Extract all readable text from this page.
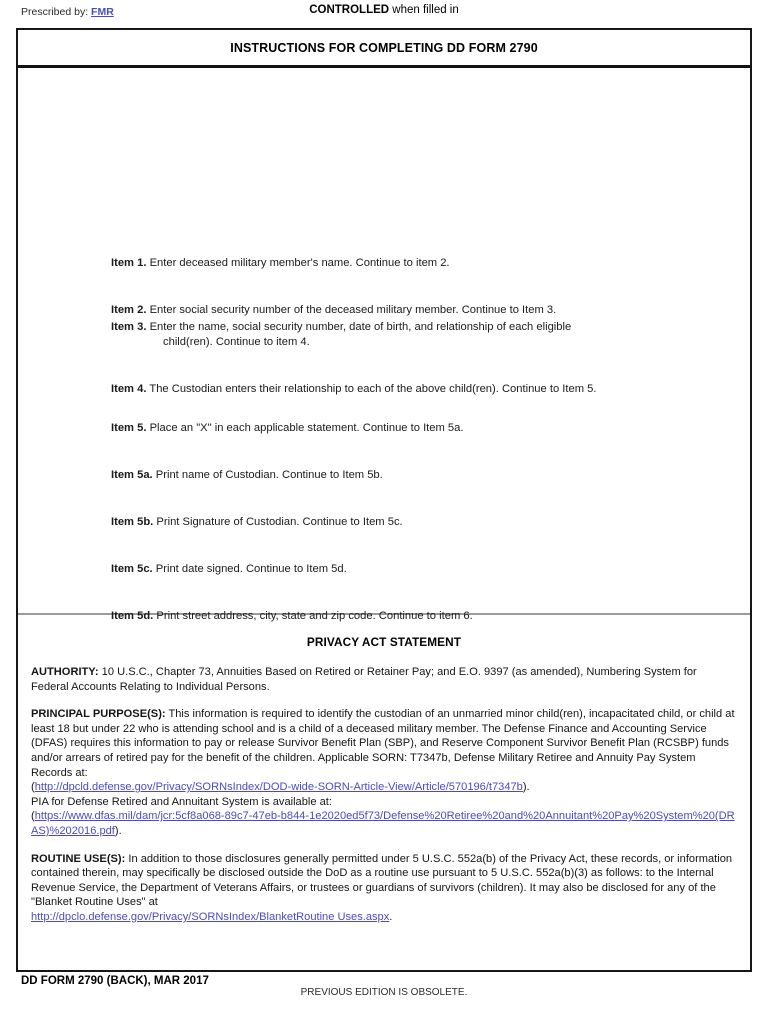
Prescribed by: FMR	CONTROLLED when filled in
INSTRUCTIONS FOR COMPLETING DD FORM 2790
Item 1. Enter deceased military member's name. Continue to item 2.
Item 2. Enter social security number of the deceased military member. Continue to Item 3.
Item 3. Enter the name, social security number, date of birth, and relationship of each eligible
child(ren). Continue to item 4.
Item 4. The Custodian enters their relationship to each of the above child(ren). Continue to Item 5.
Item 5. Place an "X" in each applicable statement. Continue to Item 5a.
Item 5a. Print name of Custodian. Continue to Item 5b.
Item 5b. Print Signature of Custodian. Continue to Item 5c.
Item 5c. Print date signed. Continue to Item 5d.
Item 5d. Print street address, city, state and zip code. Continue to item 6.
PRIVACY ACT STATEMENT
AUTHORITY: 10 U.S.C., Chapter 73, Annuities Based on Retired or Retainer Pay; and E.O. 9397 (as amended), Numbering System for Federal Accounts Relating to Individual Persons.
PRINCIPAL PURPOSE(S): This information is required to identify the custodian of an unmarried minor child(ren), incapacitated child, or child at least 18 but under 22 who is attending school and is a child of a deceased military member. The Defense Finance and Accounting Service (DFAS) requires this information to pay or release Survivor Benefit Plan (SBP), and Reserve Component Survivor Benefit Plan (RCSBP) funds and/or arrears of retired pay for the benefit of the children. Applicable SORN: T7347b, Defense Military Retiree and Annuity Pay System Records at:
(http://dpcld.defense.gov/Privacy/SORNsIndex/DOD-wide-SORN-Article-View/Article/570196/t7347b).
PIA for Defense Retired and Annuitant System is available at:
(https://www.dfas.mil/dam/jcr:5cf8a068-89c7-47eb-b844-1e2020ed5f73/Defense%20Retiree%20and%20Annuitant%20Pay%20System%20(DRAS)%202016.pdf).
ROUTINE USE(S): In addition to those disclosures generally permitted under 5 U.S.C. 552a(b) of the Privacy Act, these records, or information contained therein, may specifically be disclosed outside the DoD as a routine use pursuant to 5 U.S.C. 552a(b)(3) as follows: to the Internal Revenue Service, the Department of Veterans Affairs, or trustees or guardians of survivors (children). It may also be disclosed for any of the "Blanket Routine Uses" at
http://dpclo.defense.gov/Privacy/SORNsIndex/BlanketRoutine Uses.aspx.
DD FORM 2790 (BACK), MAR 2017
PREVIOUS EDITION IS OBSOLETE.
